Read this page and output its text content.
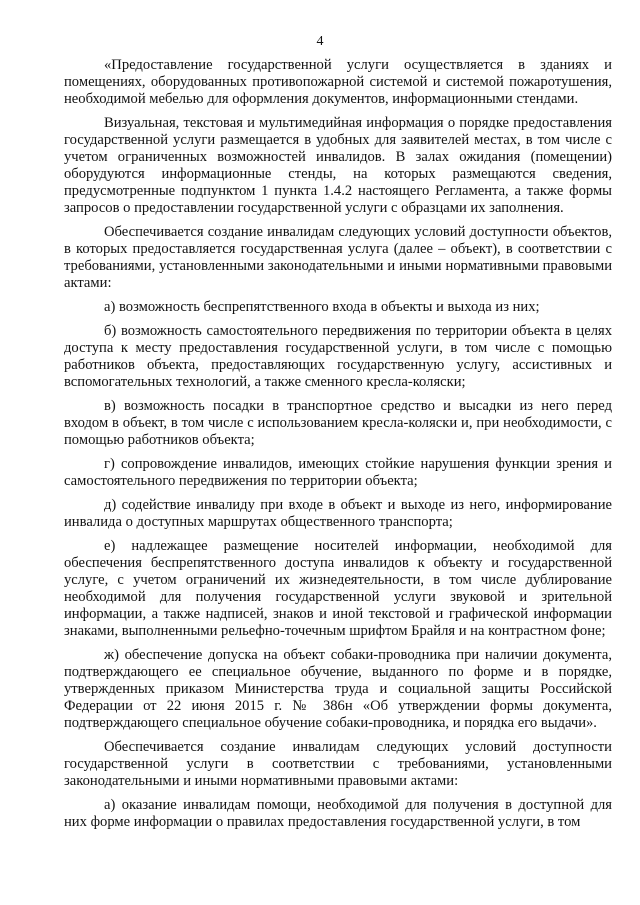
4

«Предоставление государственной услуги осуществляется в зданиях и помещениях, оборудованных противопожарной системой и системой пожаротушения, необходимой мебелью для оформления документов, информационными стендами.

Визуальная, текстовая и мультимедийная информация о порядке предоставления государственной услуги размещается в удобных для заявителей местах, в том числе с учетом ограниченных возможностей инвалидов. В залах ожидания (помещении) оборудуются информационные стенды, на которых размещаются сведения, предусмотренные подпунктом 1 пункта 1.4.2 настоящего Регламента, а также формы запросов о предоставлении государственной услуги с образцами их заполнения.

Обеспечивается создание инвалидам следующих условий доступности объектов, в которых предоставляется государственная услуга (далее – объект), в соответствии с требованиями, установленными законодательными и иными нормативными правовыми актами:

а) возможность беспрепятственного входа в объекты и выхода из них;

б) возможность самостоятельного передвижения по территории объекта в целях доступа к месту предоставления государственной услуги, в том числе с помощью работников объекта, предоставляющих государственную услугу, ассистивных и вспомогательных технологий, а также сменного кресла-коляски;

в) возможность посадки в транспортное средство и высадки из него перед входом в объект, в том числе с использованием кресла-коляски и, при необходимости, с помощью работников объекта;

г) сопровождение инвалидов, имеющих стойкие нарушения функции зрения и самостоятельного передвижения по территории объекта;

д) содействие инвалиду при входе в объект и выходе из него, информирование инвалида о доступных маршрутах общественного транспорта;

е) надлежащее размещение носителей информации, необходимой для обеспечения беспрепятственного доступа инвалидов к объекту и государственной услуге, с учетом ограничений их жизнедеятельности, в том числе дублирование необходимой для получения государственной услуги звуковой и зрительной информации, а также надписей, знаков и иной текстовой и графической информации знаками, выполненными рельефно-точечным шрифтом Брайля и на контрастном фоне;

ж) обеспечение допуска на объект собаки-проводника при наличии документа, подтверждающего ее специальное обучение, выданного по форме и в порядке, утвержденных приказом Министерства труда и социальной защиты Российской Федерации от 22 июня 2015 г. № 386н «Об утверждении формы документа, подтверждающего специальное обучение собаки-проводника, и порядка его выдачи».

Обеспечивается создание инвалидам следующих условий доступности государственной услуги в соответствии с требованиями, установленными законодательными и иными нормативными правовыми актами:

а) оказание инвалидам помощи, необходимой для получения в доступной для них форме информации о правилах предоставления государственной услуги, в том
